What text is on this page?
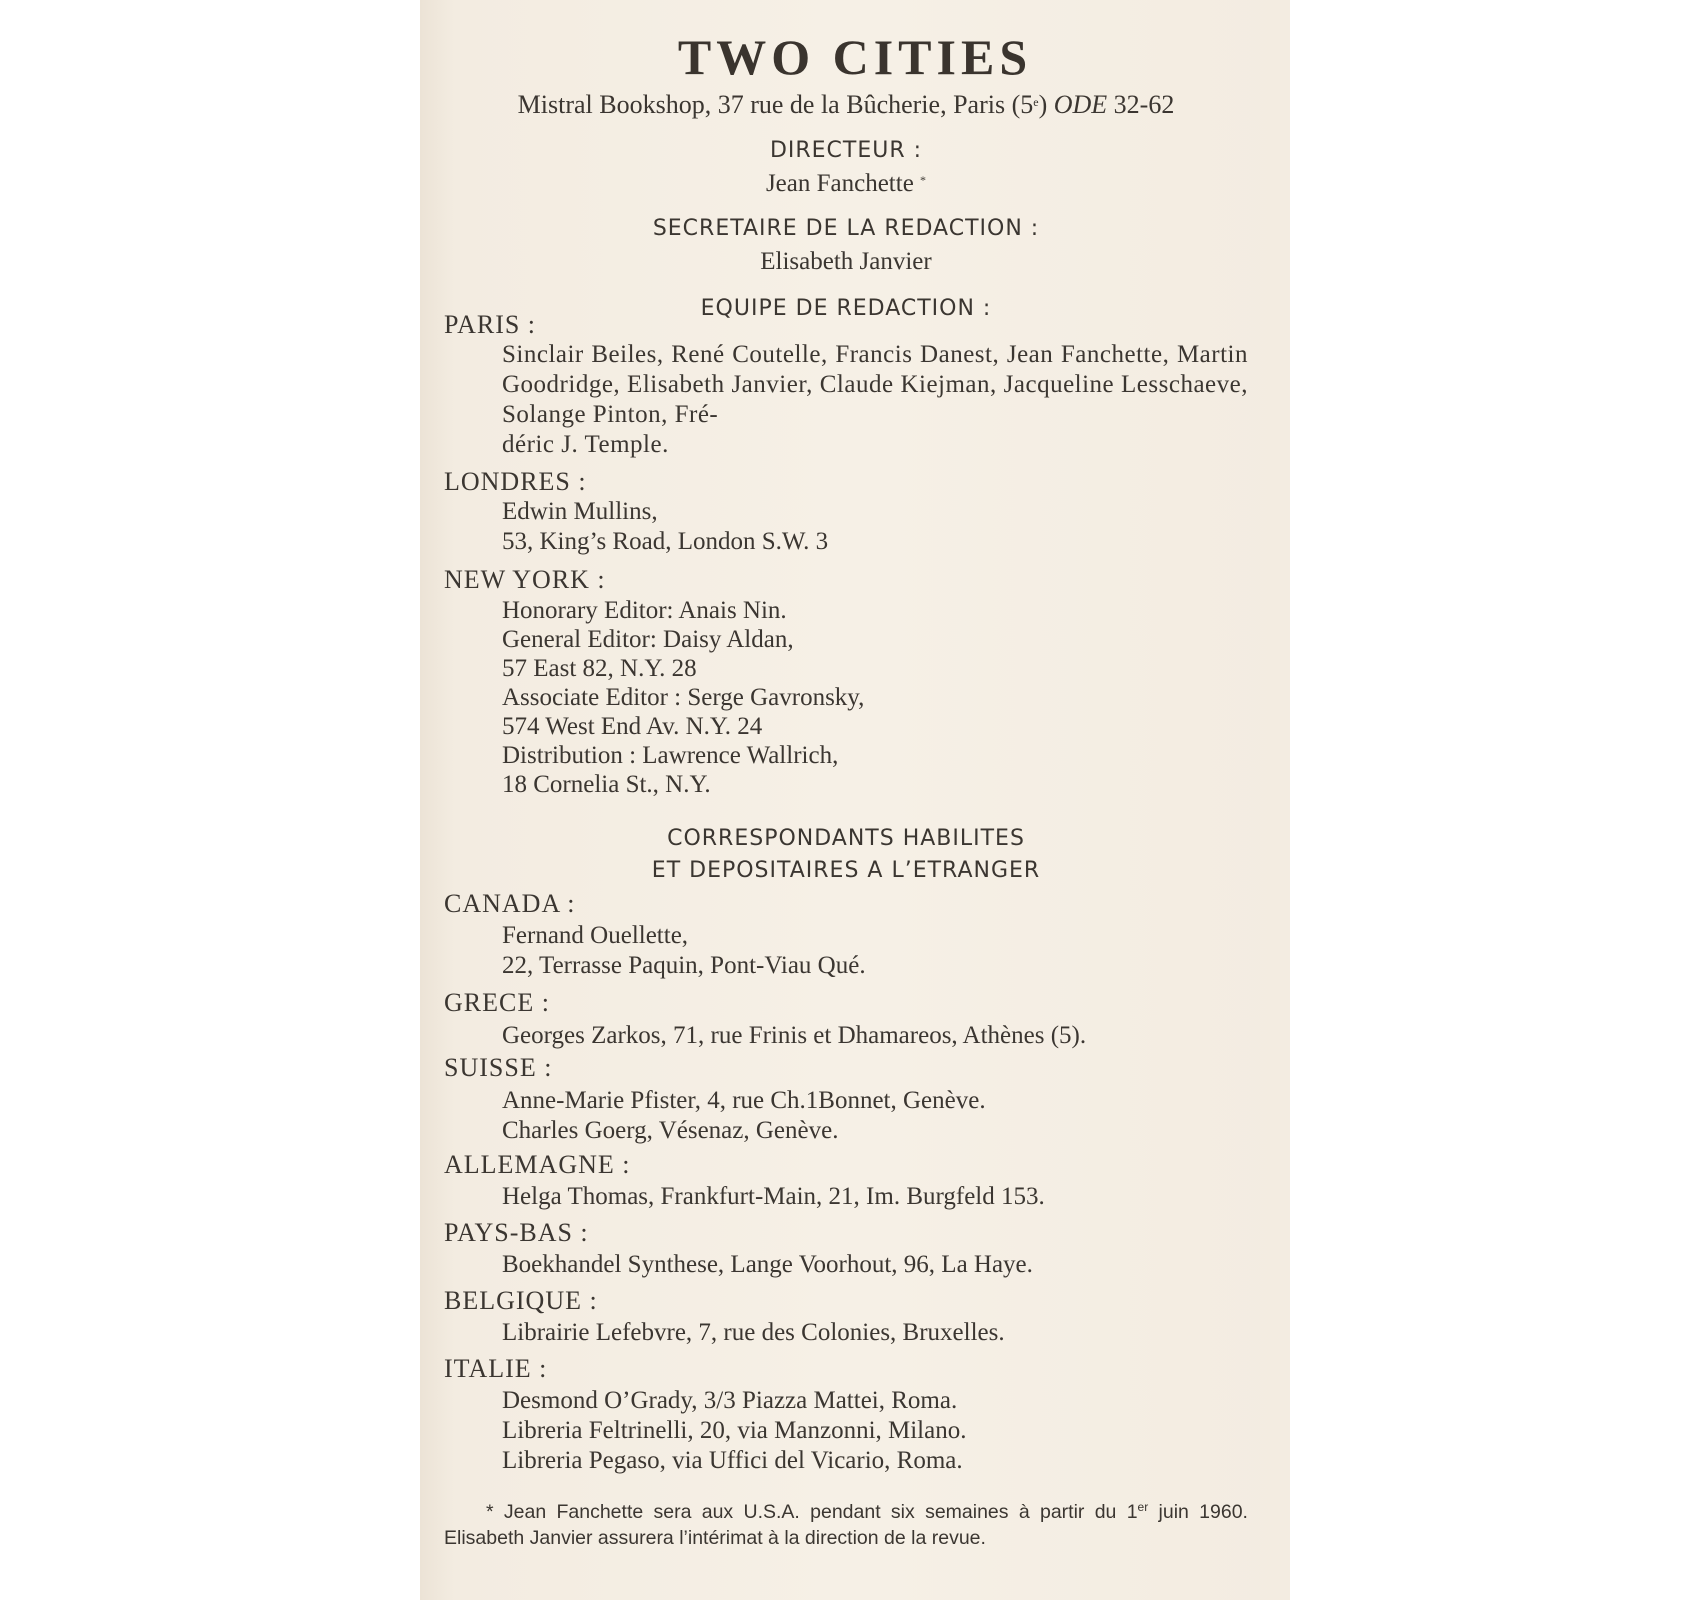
TWO CITIES
Mistral Bookshop, 37 rue de la Bûcherie, Paris (5e) ODE 32-62
DIRECTEUR :
Jean Fanchette *
SECRETAIRE DE LA REDACTION :
Elisabeth Janvier
EQUIPE DE REDACTION :
PARIS :
Sinclair Beiles, René Coutelle, Francis Danest, Jean Fanchette, Martin Goodridge, Elisabeth Janvier, Claude Kiejman, Jacqueline Lesschaeve, Solange Pinton, Fré-
déric J. Temple.
LONDRES :
Edwin Mullins,
53, King’s Road, London S.W. 3
NEW YORK :
Honorary Editor: Anais Nin.
General Editor: Daisy Aldan,
57 East 82, N.Y. 28
Associate Editor : Serge Gavronsky,
574 West End Av. N.Y. 24
Distribution : Lawrence Wallrich,
18 Cornelia St., N.Y.
CORRESPONDANTS HABILITES
ET DEPOSITAIRES A L’ETRANGER
CANADA :
Fernand Ouellette,
22, Terrasse Paquin, Pont-Viau Qué.
GRECE :
Georges Zarkos, 71, rue Frinis et Dhamareos, Athènes (5).
SUISSE :
Anne-Marie Pfister, 4, rue Ch.1Bonnet, Genève.
Charles Goerg, Vésenaz, Genève.
ALLEMAGNE :
Helga Thomas, Frankfurt-Main, 21, Im. Burgfeld 153.
PAYS-BAS :
Boekhandel Synthese, Lange Voorhout, 96, La Haye.
BELGIQUE :
Librairie Lefebvre, 7, rue des Colonies, Bruxelles.
ITALIE :
Desmond O’Grady, 3/3 Piazza Mattei, Roma.
Libreria Feltrinelli, 20, via Manzonni, Milano.
Libreria Pegaso, via Uffici del Vicario, Roma.
* Jean Fanchette sera aux U.S.A. pendant six semaines à partir du 1er juin 1960. Elisabeth Janvier assurera l’intérimat à la direction de la revue.
